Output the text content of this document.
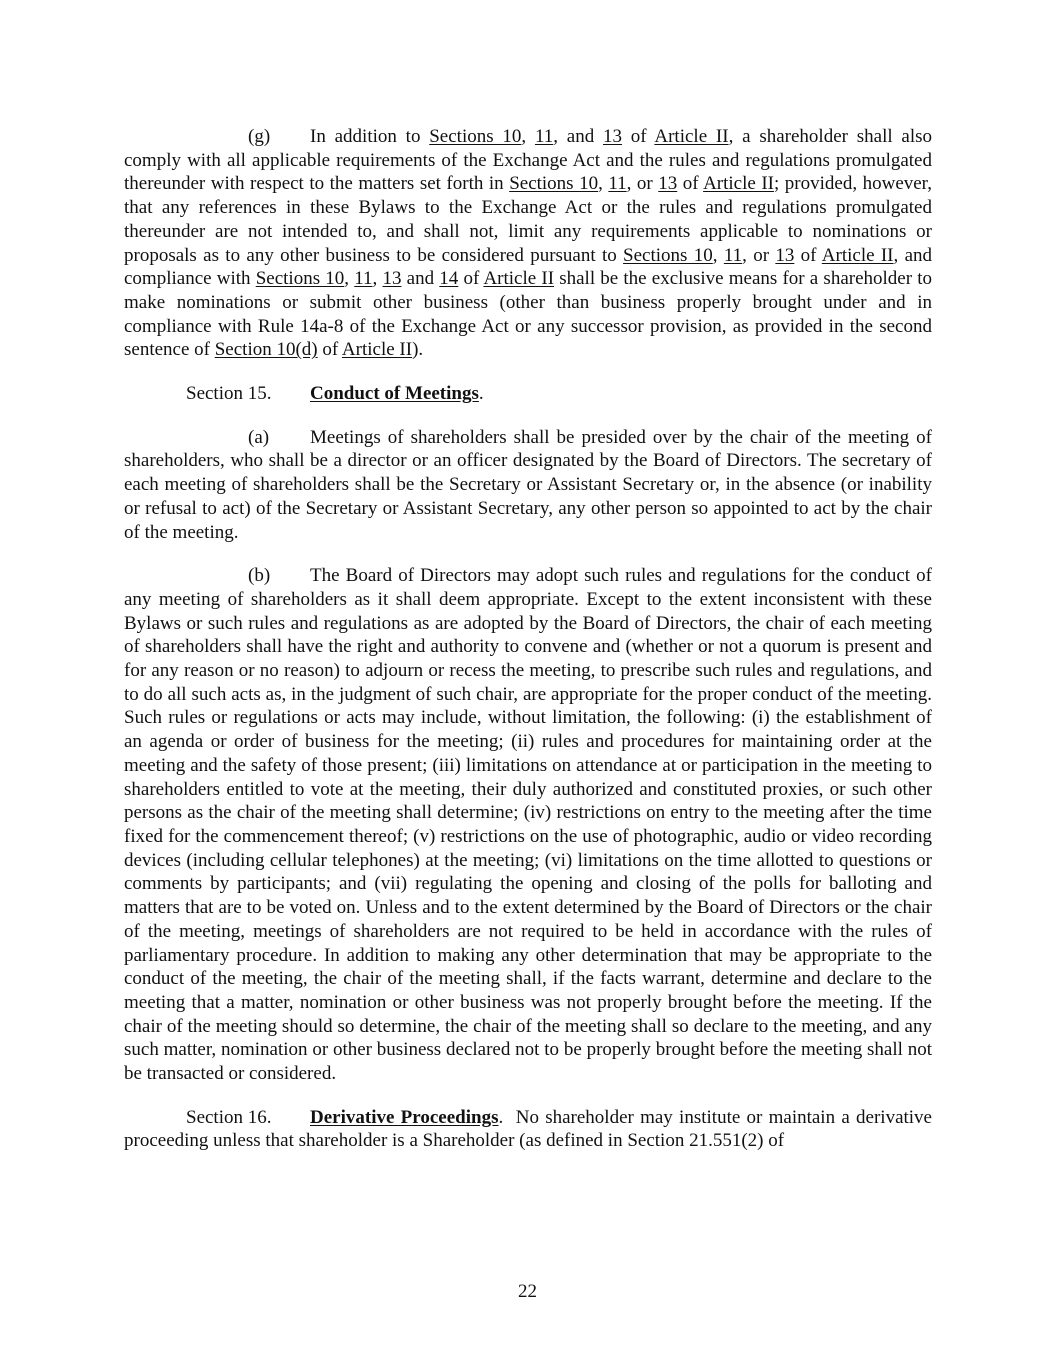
(g) In addition to Sections 10, 11, and 13 of Article II, a shareholder shall also comply with all applicable requirements of the Exchange Act and the rules and regulations promulgated thereunder with respect to the matters set forth in Sections 10, 11, or 13 of Article II; provided, however, that any references in these Bylaws to the Exchange Act or the rules and regulations promulgated thereunder are not intended to, and shall not, limit any requirements applicable to nominations or proposals as to any other business to be considered pursuant to Sections 10, 11, or 13 of Article II, and compliance with Sections 10, 11, 13 and 14 of Article II shall be the exclusive means for a shareholder to make nominations or submit other business (other than business properly brought under and in compliance with Rule 14a-8 of the Exchange Act or any successor provision, as provided in the second sentence of Section 10(d) of Article II).

Section 15. Conduct of Meetings.

(a) Meetings of shareholders shall be presided over by the chair of the meeting of shareholders, who shall be a director or an officer designated by the Board of Directors. The secretary of each meeting of shareholders shall be the Secretary or Assistant Secretary or, in the absence (or inability or refusal to act) of the Secretary or Assistant Secretary, any other person so appointed to act by the chair of the meeting.

(b) The Board of Directors may adopt such rules and regulations for the conduct of any meeting of shareholders as it shall deem appropriate. Except to the extent inconsistent with these Bylaws or such rules and regulations as are adopted by the Board of Directors, the chair of each meeting of shareholders shall have the right and authority to convene and (whether or not a quorum is present and for any reason or no reason) to adjourn or recess the meeting, to prescribe such rules and regulations, and to do all such acts as, in the judgment of such chair, are appropriate for the proper conduct of the meeting. Such rules or regulations or acts may include, without limitation, the following: (i) the establishment of an agenda or order of business for the meeting; (ii) rules and procedures for maintaining order at the meeting and the safety of those present; (iii) limitations on attendance at or participation in the meeting to shareholders entitled to vote at the meeting, their duly authorized and constituted proxies, or such other persons as the chair of the meeting shall determine; (iv) restrictions on entry to the meeting after the time fixed for the commencement thereof; (v) restrictions on the use of photographic, audio or video recording devices (including cellular telephones) at the meeting; (vi) limitations on the time allotted to questions or comments by participants; and (vii) regulating the opening and closing of the polls for balloting and matters that are to be voted on. Unless and to the extent determined by the Board of Directors or the chair of the meeting, meetings of shareholders are not required to be held in accordance with the rules of parliamentary procedure. In addition to making any other determination that may be appropriate to the conduct of the meeting, the chair of the meeting shall, if the facts warrant, determine and declare to the meeting that a matter, nomination or other business was not properly brought before the meeting. If the chair of the meeting should so determine, the chair of the meeting shall so declare to the meeting, and any such matter, nomination or other business declared not to be properly brought before the meeting shall not be transacted or considered.

Section 16. Derivative Proceedings. No shareholder may institute or maintain a derivative proceeding unless that shareholder is a Shareholder (as defined in Section 21.551(2) of

22
